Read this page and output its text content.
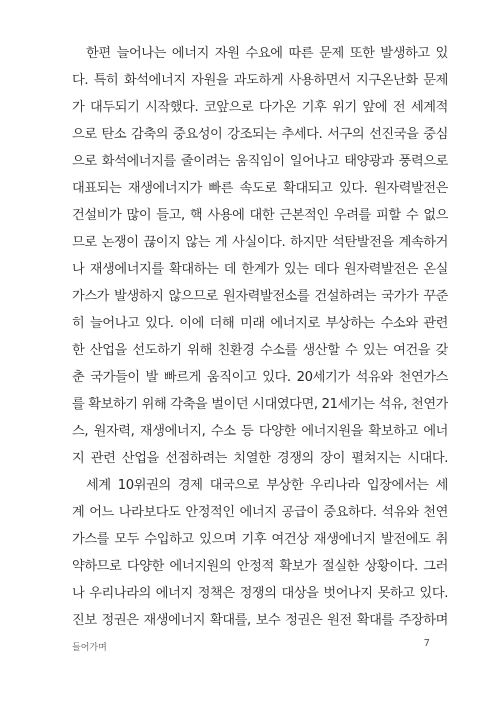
한편 늘어나는 에너지 자원 수요에 따른 문제 또한 발생하고 있
다. 특히 화석에너지 자원을 과도하게 사용하면서 지구온난화 문제
가 대두되기 시작했다. 코앞으로 다가온 기후 위기 앞에 전 세계적
으로 탄소 감축의 중요성이 강조되는 추세다. 서구의 선진국을 중심
으로 화석에너지를 줄이려는 움직임이 일어나고 태양광과 풍력으로
대표되는 재생에너지가 빠른 속도로 확대되고 있다. 원자력발전은
건설비가 많이 들고, 핵 사용에 대한 근본적인 우려를 피할 수 없으
므로 논쟁이 끊이지 않는 게 사실이다. 하지만 석탄발전을 계속하거
나 재생에너지를 확대하는 데 한계가 있는 데다 원자력발전은 온실
가스가 발생하지 않으므로 원자력발전소를 건설하려는 국가가 꾸준
히 늘어나고 있다. 이에 더해 미래 에너지로 부상하는 수소와 관련
한 산업을 선도하기 위해 친환경 수소를 생산할 수 있는 여건을 갖
춘 국가들이 발 빠르게 움직이고 있다. 20세기가 석유와 천연가스
를 확보하기 위해 각축을 벌이던 시대였다면, 21세기는 석유, 천연가
스, 원자력, 재생에너지, 수소 등 다양한 에너지원을 확보하고 에너
지 관련 산업을 선점하려는 치열한 경쟁의 장이 펼쳐지는 시대다.
세계 10위권의 경제 대국으로 부상한 우리나라 입장에서는 세
계 어느 나라보다도 안정적인 에너지 공급이 중요하다. 석유와 천연
가스를 모두 수입하고 있으며 기후 여건상 재생에너지 발전에도 취
약하므로 다양한 에너지원의 안정적 확보가 절실한 상황이다. 그러
나 우리나라의 에너지 정책은 정쟁의 대상을 벗어나지 못하고 있다.
진보 정권은 재생에너지 확대를, 보수 정권은 원전 확대를 주장하며
들어가며	7
